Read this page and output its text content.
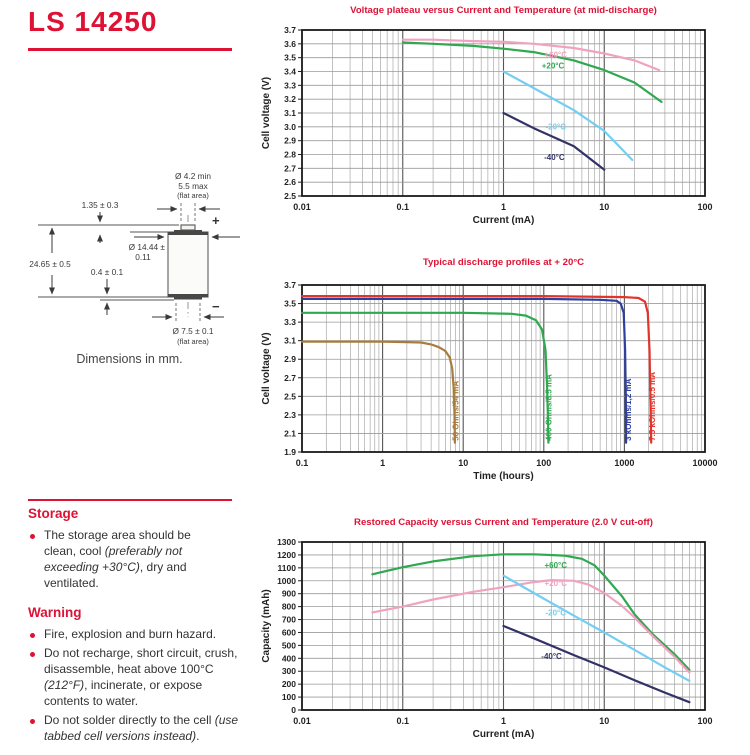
LS 14250
+
−
Ø 4.2 min
5.5 max
(flat area)
1.35 ± 0.3
24.65 ± 0.5
Ø 14.44 ±
0.11
0.4 ± 0.1
Ø 7.5 ± 0.1
(flat area)
Dimensions in mm.
Storage
The storage area should be clean, cool (preferably not exceeding +30°C), dry and ventilated.
Warning
Fire, explosion and burn hazard.
Do not recharge, short circuit, crush, disassemble, heat above 100°C (212°F), incinerate, or expose contents to water.
Do not solder directly to the cell (use tabbed cell versions instead).
Voltage plateau versus Current and Temperature (at mid-discharge)
0.01	0.1	1	10	100
2.5
2.6
2.7
2.8
2.9
3.0
3.1
3.2
3.3
3.4
3.5
3.6
3.7
+60°C
+20°C
-20°C
-40°C
Current (mA)
Cell voltage (V)
Typical discharge profiles at + 20°C
0.1	1	10	100	1000	10000
1.9
2.1
2.3
2.5
2.7
2.9
3.1
3.3
3.5
3.7
56 Ohms/54 mA	400 Ohms/8.5 mA	3 kOhms/1,2 mA 7.5 kOhms/0.5 mA
Time (hours)
Cell voltage (V)
Restored Capacity versus Current and Temperature (2.0 V cut-off)
0.01	0.1	1	10	100
0
100
200
300
400
500
600
700
800
900
1000
1100
1200
1300
+60°C
+20°C
-20°C
-40°C
Current (mA)
Capacity (mAh)
